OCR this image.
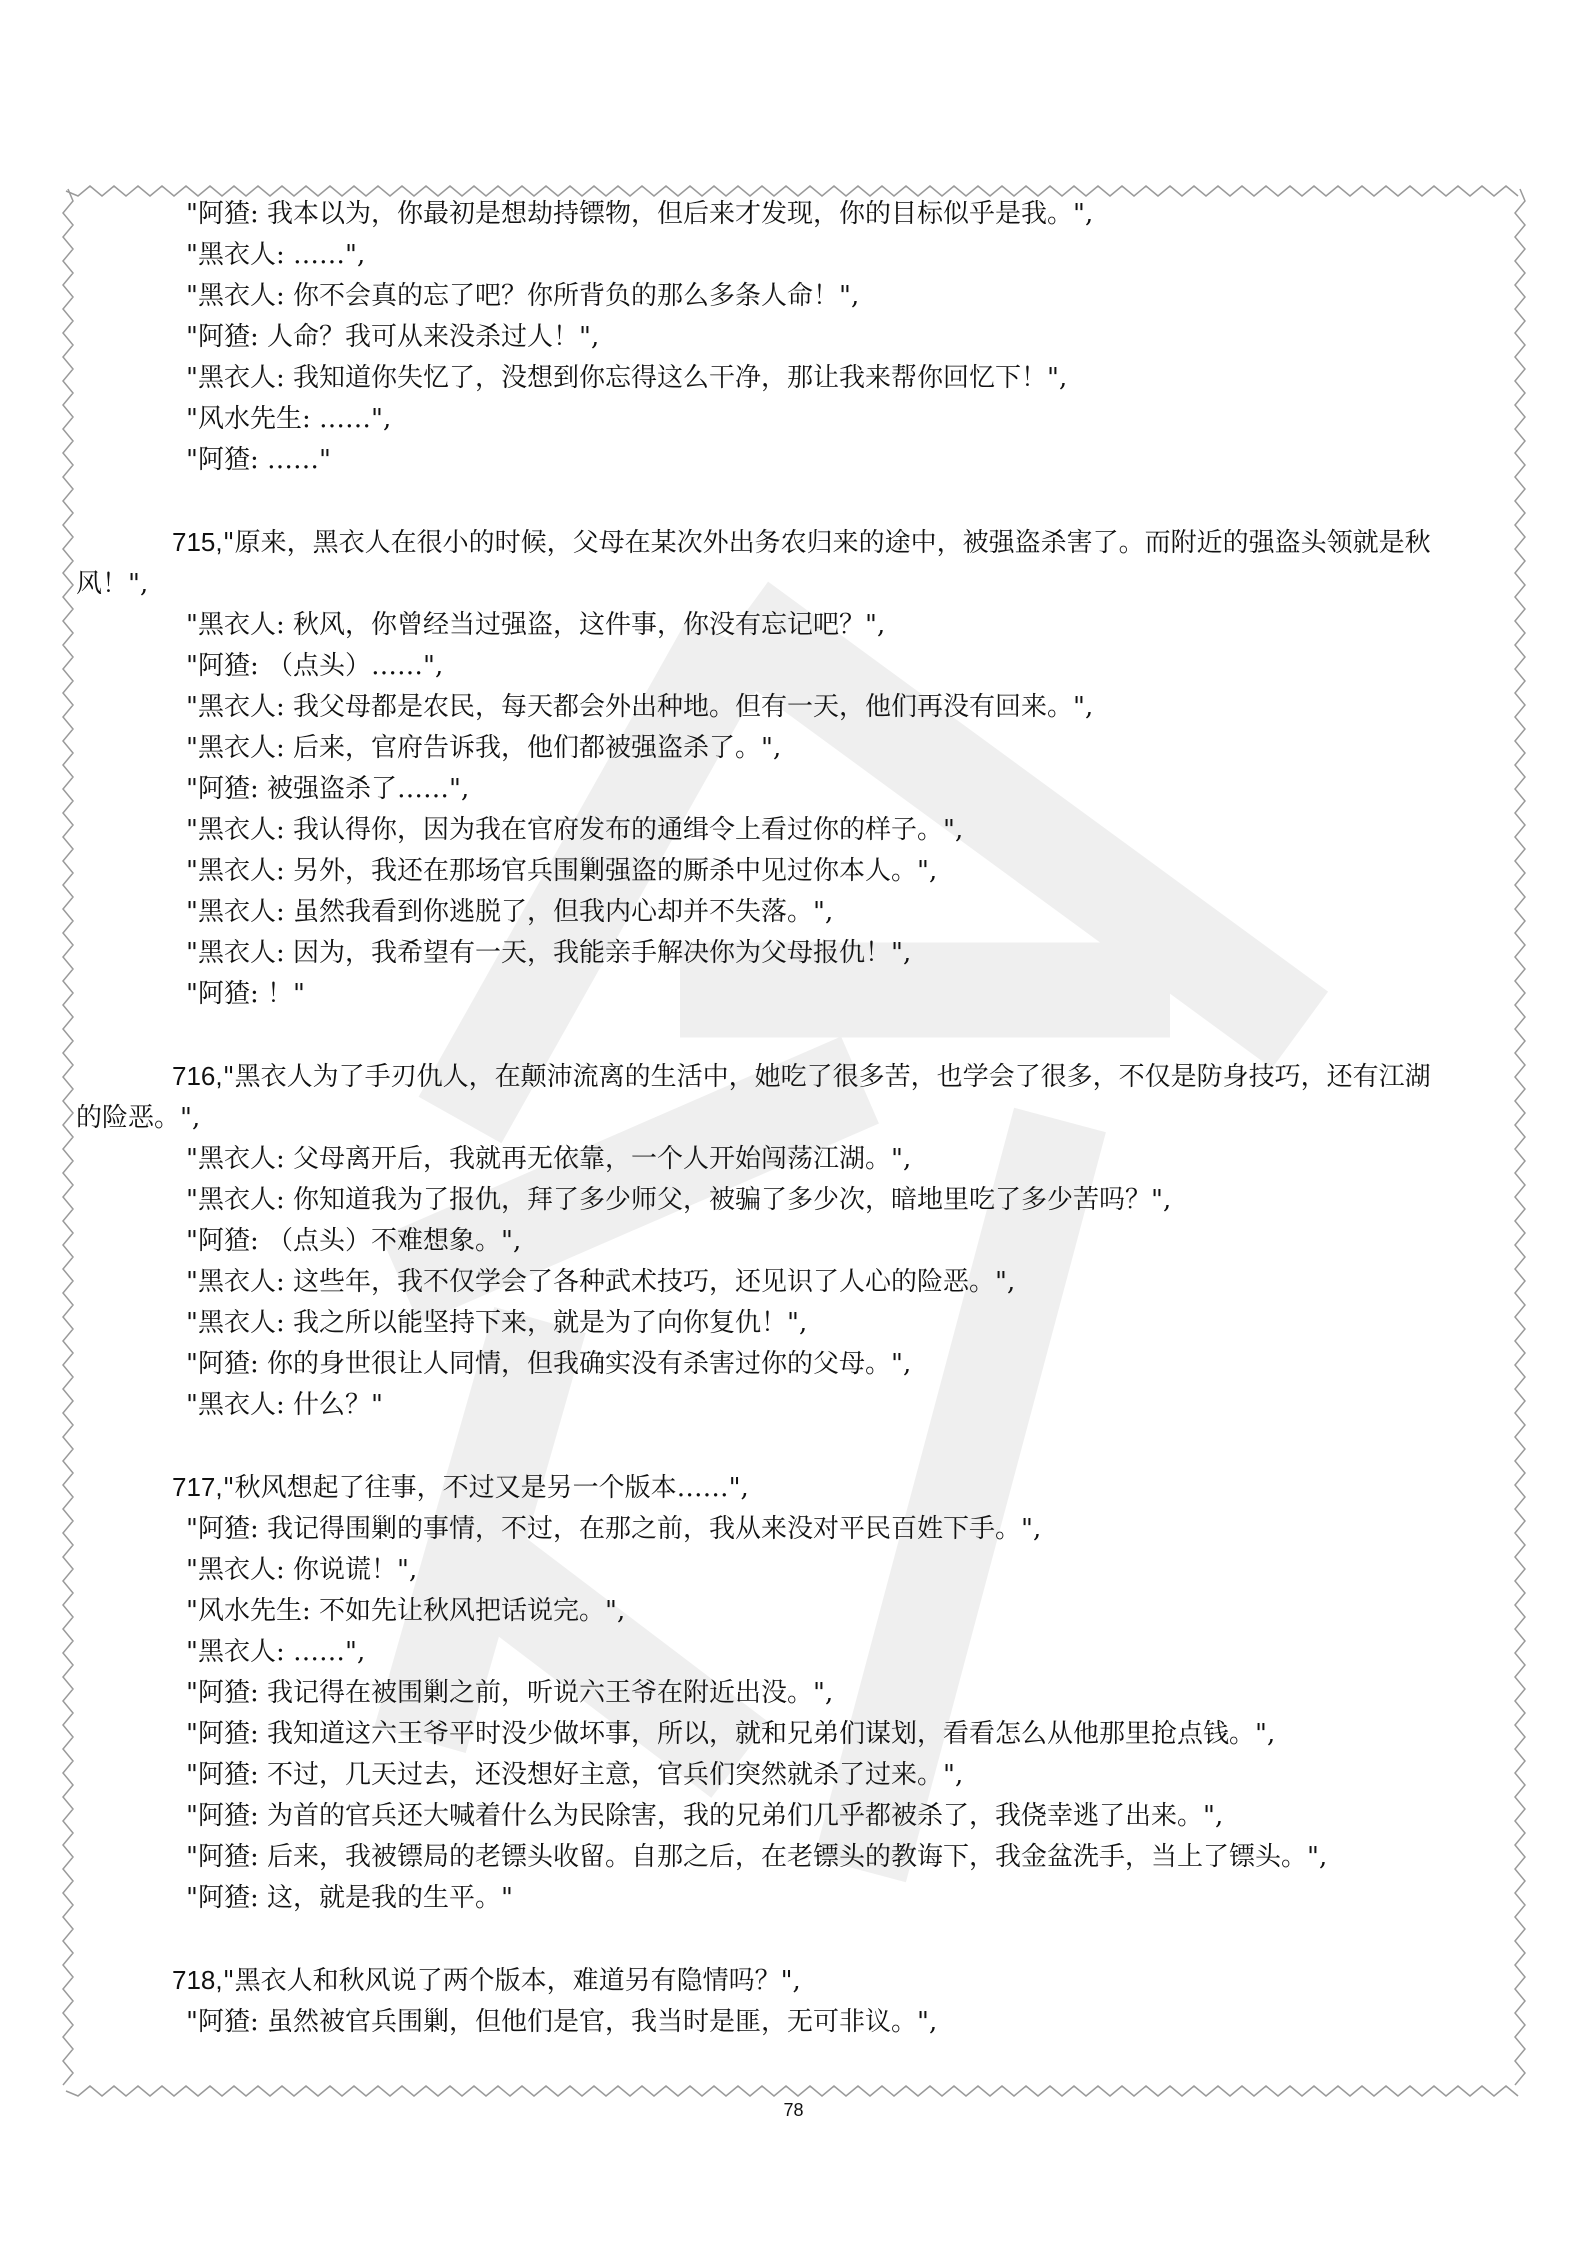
"阿猹: 我本以为，你最初是想劫持镖物，但后来才发现，你的目标似乎是我。",
"黑衣人: ……",
"黑衣人: 你不会真的忘了吧？你所背负的那么多条人命！",
"阿猹: 人命？我可从来没杀过人！",
"黑衣人: 我知道你失忆了，没想到你忘得这么干净，那让我来帮你回忆下！",
"风水先生: ……",
"阿猹: ……"
715,"原来，黑衣人在很小的时候，父母在某次外出务农归来的途中，被强盗杀害了。而附近的强盗头领就是秋
风！",
"黑衣人: 秋风，你曾经当过强盗，这件事，你没有忘记吧？",
"阿猹: （点头）……",
"黑衣人: 我父母都是农民，每天都会外出种地。但有一天，他们再没有回来。",
"黑衣人: 后来，官府告诉我，他们都被强盗杀了。",
"阿猹: 被强盗杀了……",
"黑衣人: 我认得你，因为我在官府发布的通缉令上看过你的样子。",
"黑衣人: 另外，我还在那场官兵围剿强盗的厮杀中见过你本人。",
"黑衣人: 虽然我看到你逃脱了，但我内心却并不失落。",
"黑衣人: 因为，我希望有一天，我能亲手解决你为父母报仇！",
"阿猹: ！"
716,"黑衣人为了手刃仇人，在颠沛流离的生活中，她吃了很多苦，也学会了很多，不仅是防身技巧，还有江湖
的险恶。",
"黑衣人: 父母离开后，我就再无依靠，一个人开始闯荡江湖。",
"黑衣人: 你知道我为了报仇，拜了多少师父，被骗了多少次，暗地里吃了多少苦吗？",
"阿猹: （点头）不难想象。",
"黑衣人: 这些年，我不仅学会了各种武术技巧，还见识了人心的险恶。",
"黑衣人: 我之所以能坚持下来，就是为了向你复仇！",
"阿猹: 你的身世很让人同情，但我确实没有杀害过你的父母。",
"黑衣人: 什么？"
717,"秋风想起了往事，不过又是另一个版本……",
"阿猹: 我记得围剿的事情，不过，在那之前，我从来没对平民百姓下手。",
"黑衣人: 你说谎！",
"风水先生: 不如先让秋风把话说完。",
"黑衣人: ……",
"阿猹: 我记得在被围剿之前，听说六王爷在附近出没。",
"阿猹: 我知道这六王爷平时没少做坏事，所以，就和兄弟们谋划，看看怎么从他那里抢点钱。",
"阿猹: 不过，几天过去，还没想好主意，官兵们突然就杀了过来。",
"阿猹: 为首的官兵还大喊着什么为民除害，我的兄弟们几乎都被杀了，我侥幸逃了出来。",
"阿猹: 后来，我被镖局的老镖头收留。自那之后，在老镖头的教诲下，我金盆洗手，当上了镖头。",
"阿猹: 这，就是我的生平。"
718,"黑衣人和秋风说了两个版本，难道另有隐情吗？",
"阿猹: 虽然被官兵围剿，但他们是官，我当时是匪，无可非议。",
78
